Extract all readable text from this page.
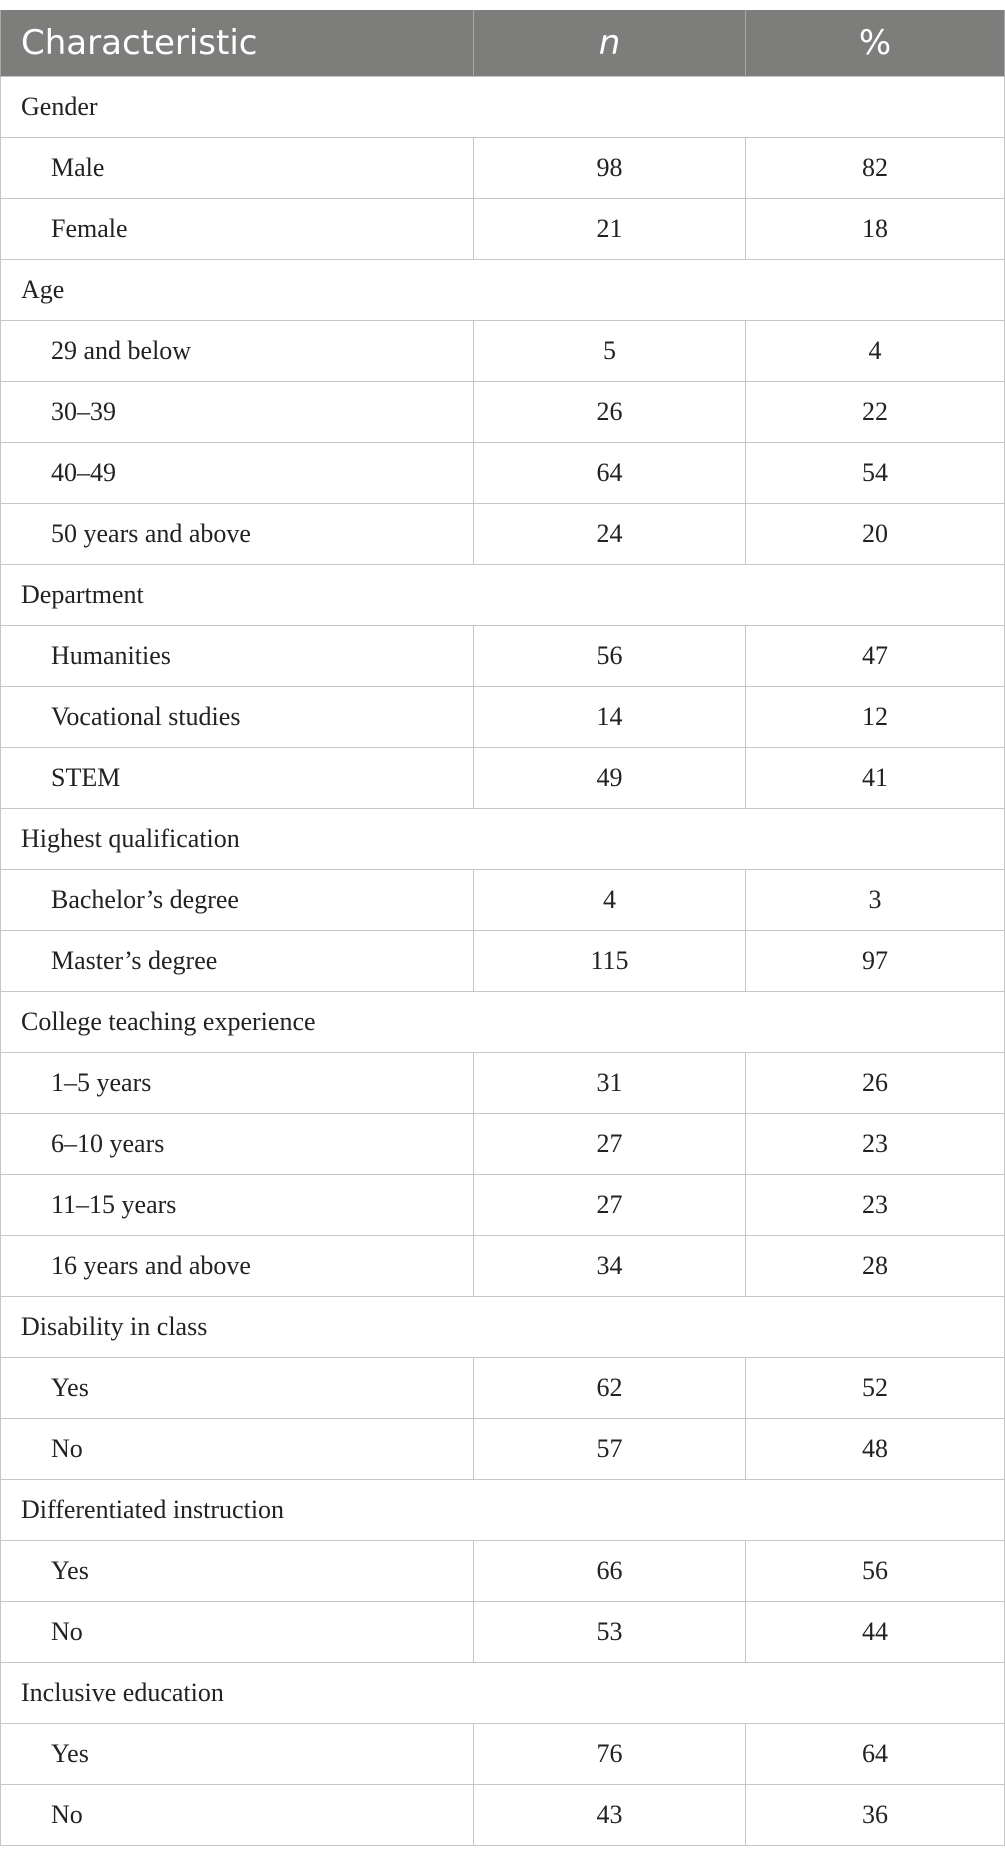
Characteristic	n	%
Gender		
Male	98	82
Female	21	18
Age		
29 and below	5	4
30–39	26	22
40–49	64	54
50 years and above	24	20
Department		
Humanities	56	47
Vocational studies	14	12
STEM	49	41
Highest qualification		
Bachelor’s degree	4	3
Master’s degree	115	97
College teaching experience		
1–5 years	31	26
6–10 years	27	23
11–15 years	27	23
16 years and above	34	28
Disability in class		
Yes	62	52
No	57	48
Differentiated instruction		
Yes	66	56
No	53	44
Inclusive education		
Yes	76	64
No	43	36
